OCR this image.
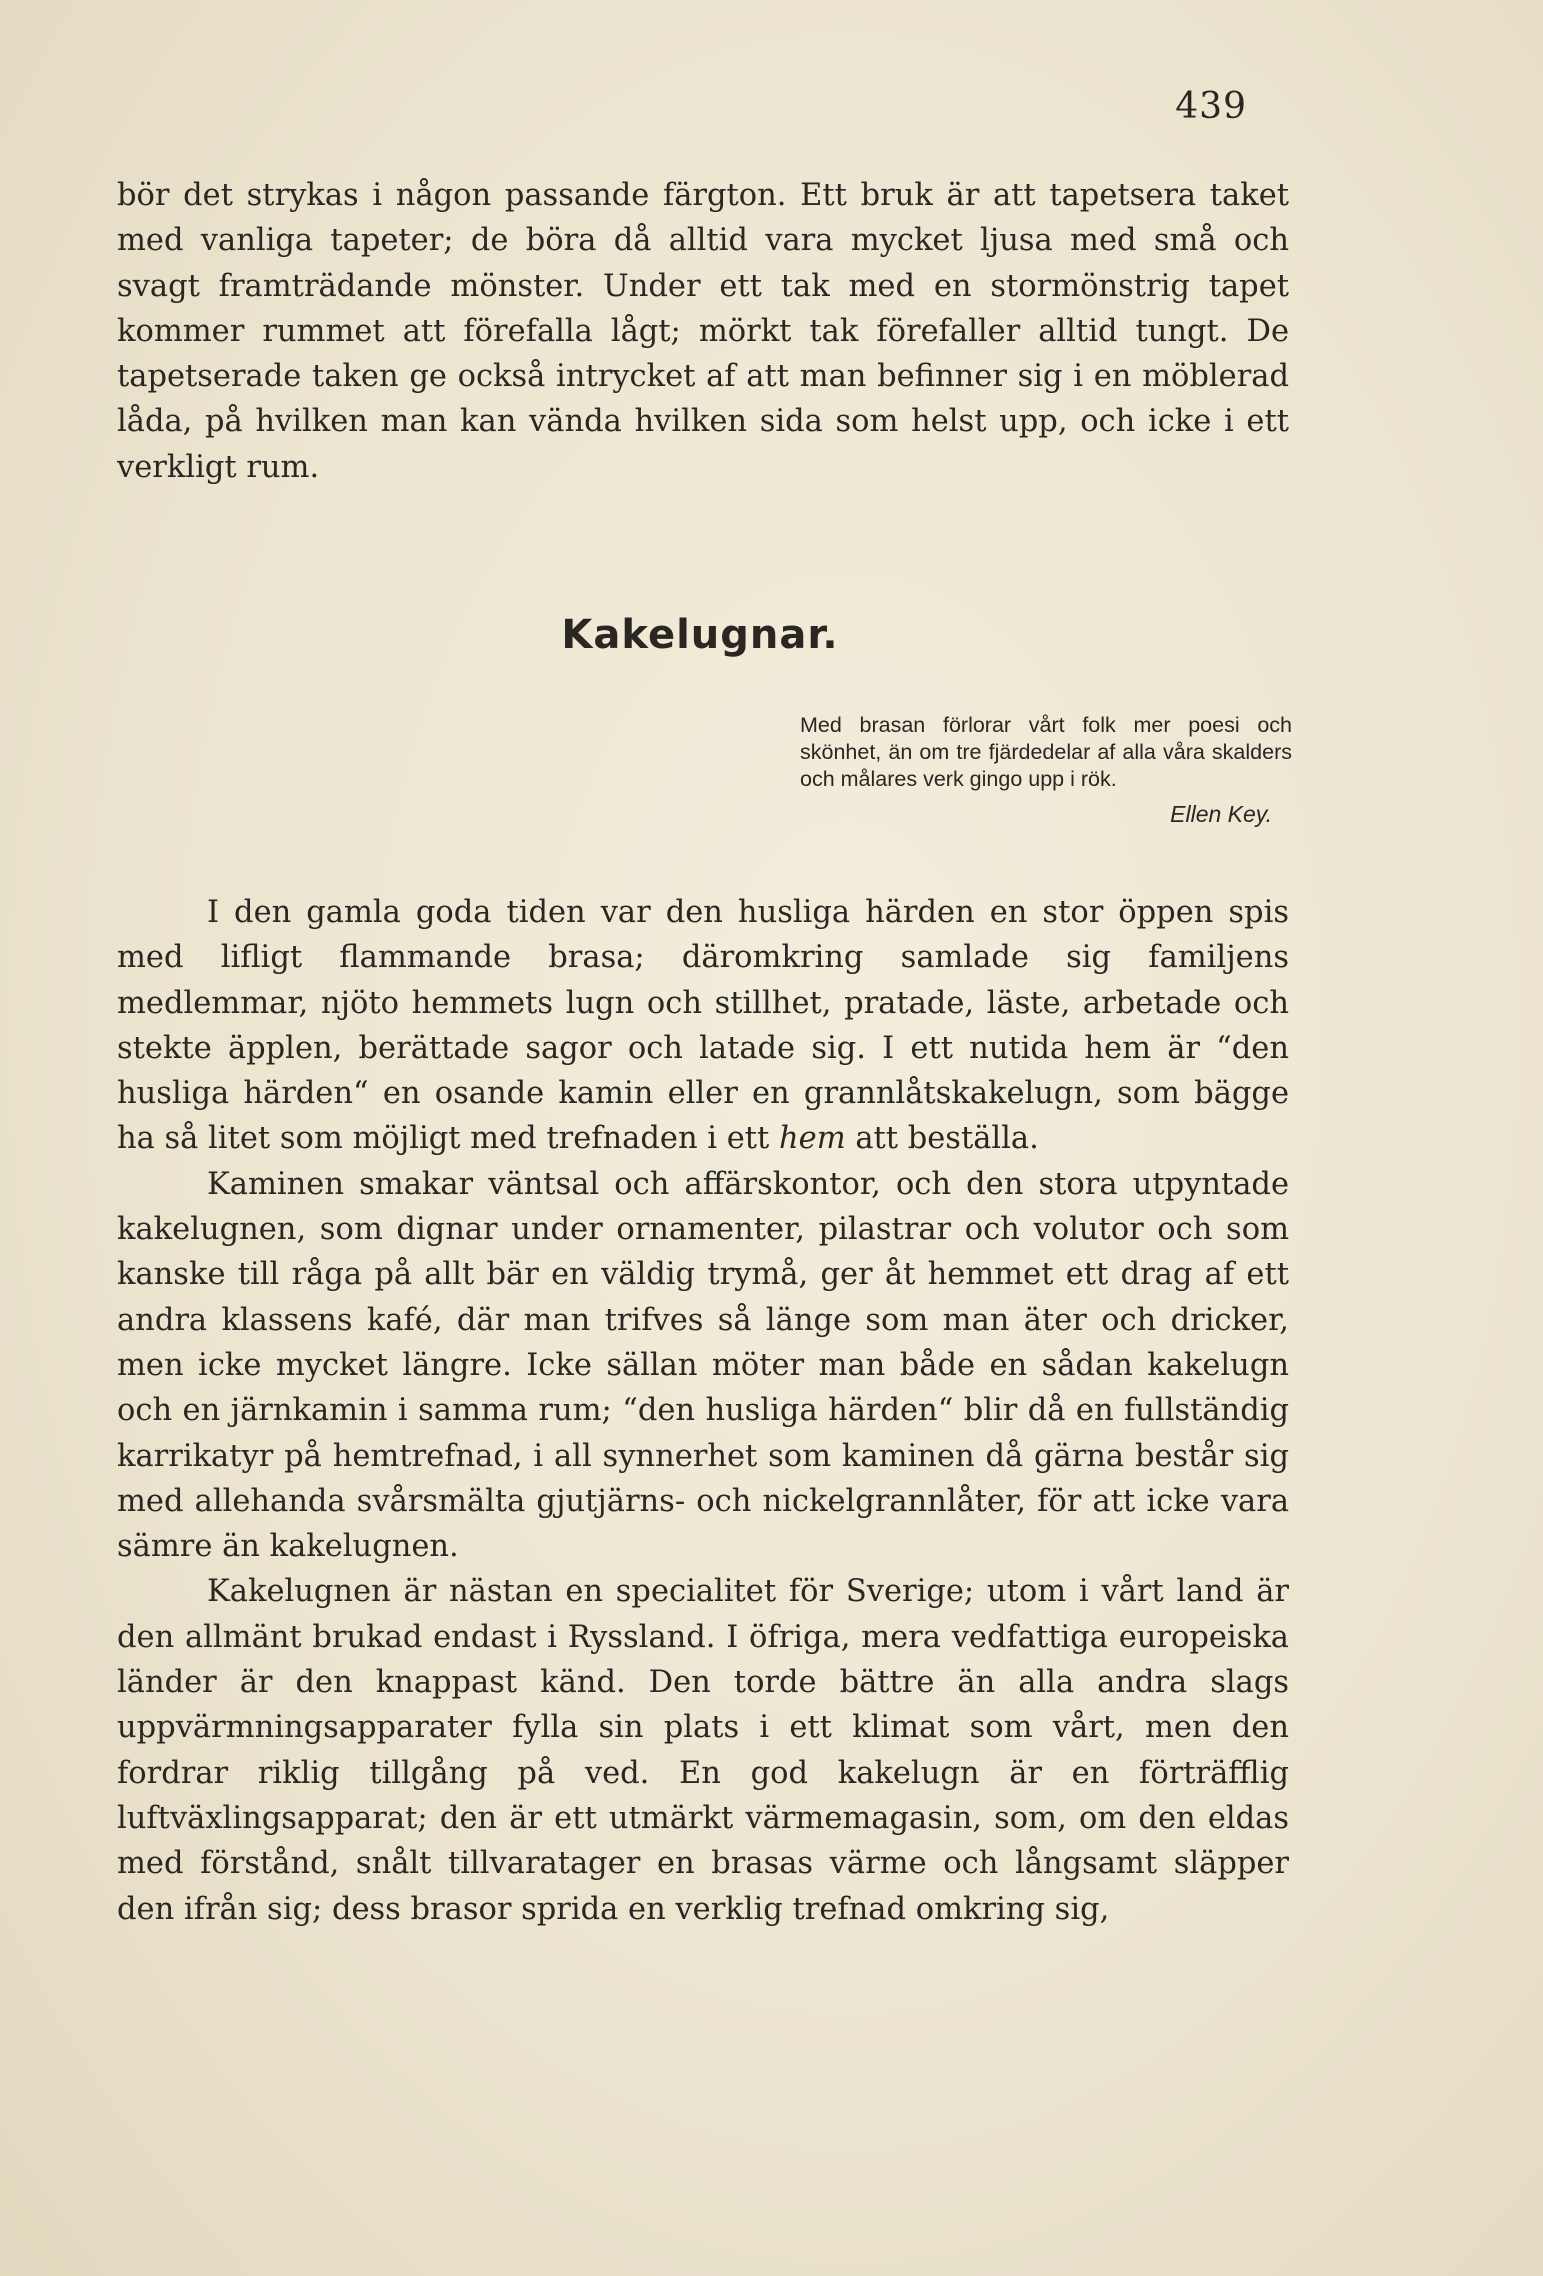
439

bör det strykas i någon passande färgton. Ett bruk är att tapetsera taket med vanliga tapeter; de böra då alltid vara mycket ljusa med små och svagt framträdande mönster. Under ett tak med en stormönstrig tapet kommer rummet att förefalla lågt; mörkt tak förefaller alltid tungt. De tapetserade taken ge också intrycket af att man befinner sig i en möblerad låda, på hvilken man kan vända hvilken sida som helst upp, och icke i ett verkligt rum.

Kakelugnar.

Med brasan förlorar vårt folk mer poesi och skönhet, än om tre fjärdedelar af alla våra skalders och målares verk gingo upp i rök.

Ellen Key.

I den gamla goda tiden var den husliga härden en stor öppen spis med lifligt flammande brasa; däromkring samlade sig familjens medlemmar, njöto hemmets lugn och stillhet, pratade, läste, arbetade och stekte äpplen, berättade sagor och latade sig. I ett nutida hem är “den husliga härden“ en osande kamin eller en grannlåtskakelugn, som bägge ha så litet som möjligt med trefnaden i ett hem att beställa.

Kaminen smakar väntsal och affärskontor, och den stora utpyntade kakelugnen, som dignar under ornamenter, pilastrar och volutor och som kanske till råga på allt bär en väldig trymå, ger åt hemmet ett drag af ett andra klassens kafé, där man trifves så länge som man äter och dricker, men icke mycket längre. Icke sällan möter man både en sådan kakelugn och en järnkamin i samma rum; “den husliga härden“ blir då en fullständig karrikatyr på hemtrefnad, i all synnerhet som kaminen då gärna består sig med allehanda svårsmälta gjutjärns- och nickelgrannlåter, för att icke vara sämre än kakelugnen.

Kakelugnen är nästan en specialitet för Sverige; utom i vårt land är den allmänt brukad endast i Ryssland. I öfriga, mera vedfattiga europeiska länder är den knappast känd. Den torde bättre än alla andra slags uppvärmningsapparater fylla sin plats i ett klimat som vårt, men den fordrar riklig tillgång på ved. En god kakelugn är en förträfflig luftväxlingsapparat; den är ett utmärkt värmemagasin, som, om den eldas med förstånd, snålt tillvaratager en brasas värme och långsamt släpper den ifrån sig; dess brasor sprida en verklig trefnad omkring sig,
